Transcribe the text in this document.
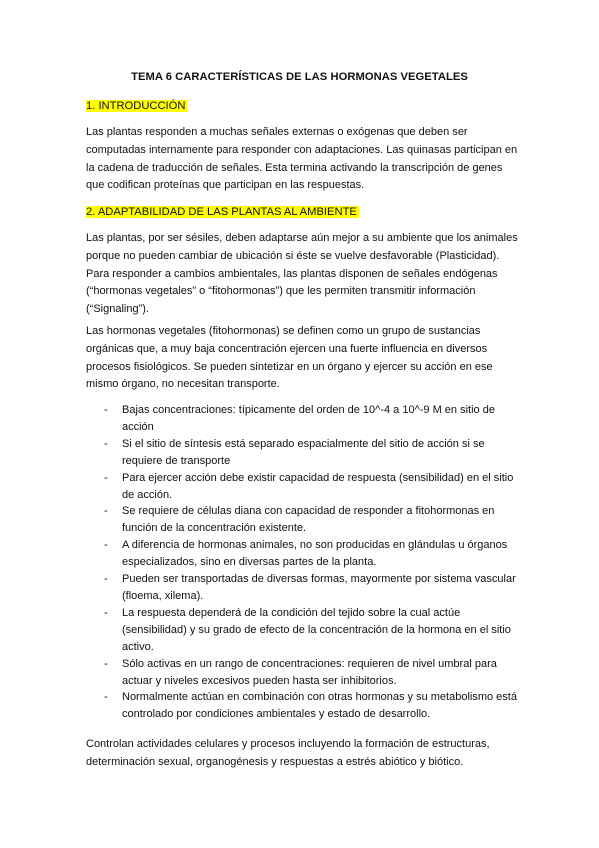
TEMA 6 CARACTERÍSTICAS DE LAS HORMONAS VEGETALES
1. INTRODUCCIÓN
Las plantas responden a muchas señales externas o exógenas que deben ser computadas internamente para responder con adaptaciones. Las quinasas participan en la cadena de traducción de señales. Esta termina activando la transcripción de genes que codifican proteínas que participan en las respuestas.
2. ADAPTABILIDAD DE LAS PLANTAS AL AMBIENTE
Las plantas, por ser sésiles, deben adaptarse aún mejor a su ambiente que los animales porque no pueden cambiar de ubicación si éste se vuelve desfavorable (Plasticidad). Para responder a cambios ambientales, las plantas disponen de señales endógenas (“hormonas vegetales” o “fitohormonas”) que les permiten transmitir información (“Signaling”).
Las hormonas vegetales (fitohormonas) se definen como un grupo de sustancias orgánicas que, a muy baja concentración ejercen una fuerte influencia en diversos procesos fisiológicos. Se pueden sintetizar en un órgano y ejercer su acción en ese mismo órgano, no necesitan transporte.
- Bajas concentraciones: típicamente del orden de 10^-4 a 10^-9 M en sitio de acción
- Si el sitio de síntesis está separado espacialmente del sitio de acción si se requiere de transporte
- Para ejercer acción debe existir capacidad de respuesta (sensibilidad) en el sitio de acción.
- Se requiere de células diana con capacidad de responder a fitohormonas en función de la concentración existente.
- A diferencia de hormonas animales, no son producidas en glándulas u órganos especializados, sino en diversas partes de la planta.
- Pueden ser transportadas de diversas formas, mayormente por sistema vascular (floema, xilema).
- La respuesta dependerá de la condición del tejido sobre la cual actúe (sensibilidad) y su grado de efecto de la concentración de la hormona en el sitio activo.
- Sólo activas en un rango de concentraciones: requieren de nivel umbral para actuar y niveles excesivos pueden hasta ser inhibitorios.
- Normalmente actúan en combinación con otras hormonas y su metabolismo está controlado por condiciones ambientales y estado de desarrollo.
Controlan actividades celulares y procesos incluyendo la formación de estructuras, determinación sexual, organogénesis y respuestas a estrés abiótico y biótico.
